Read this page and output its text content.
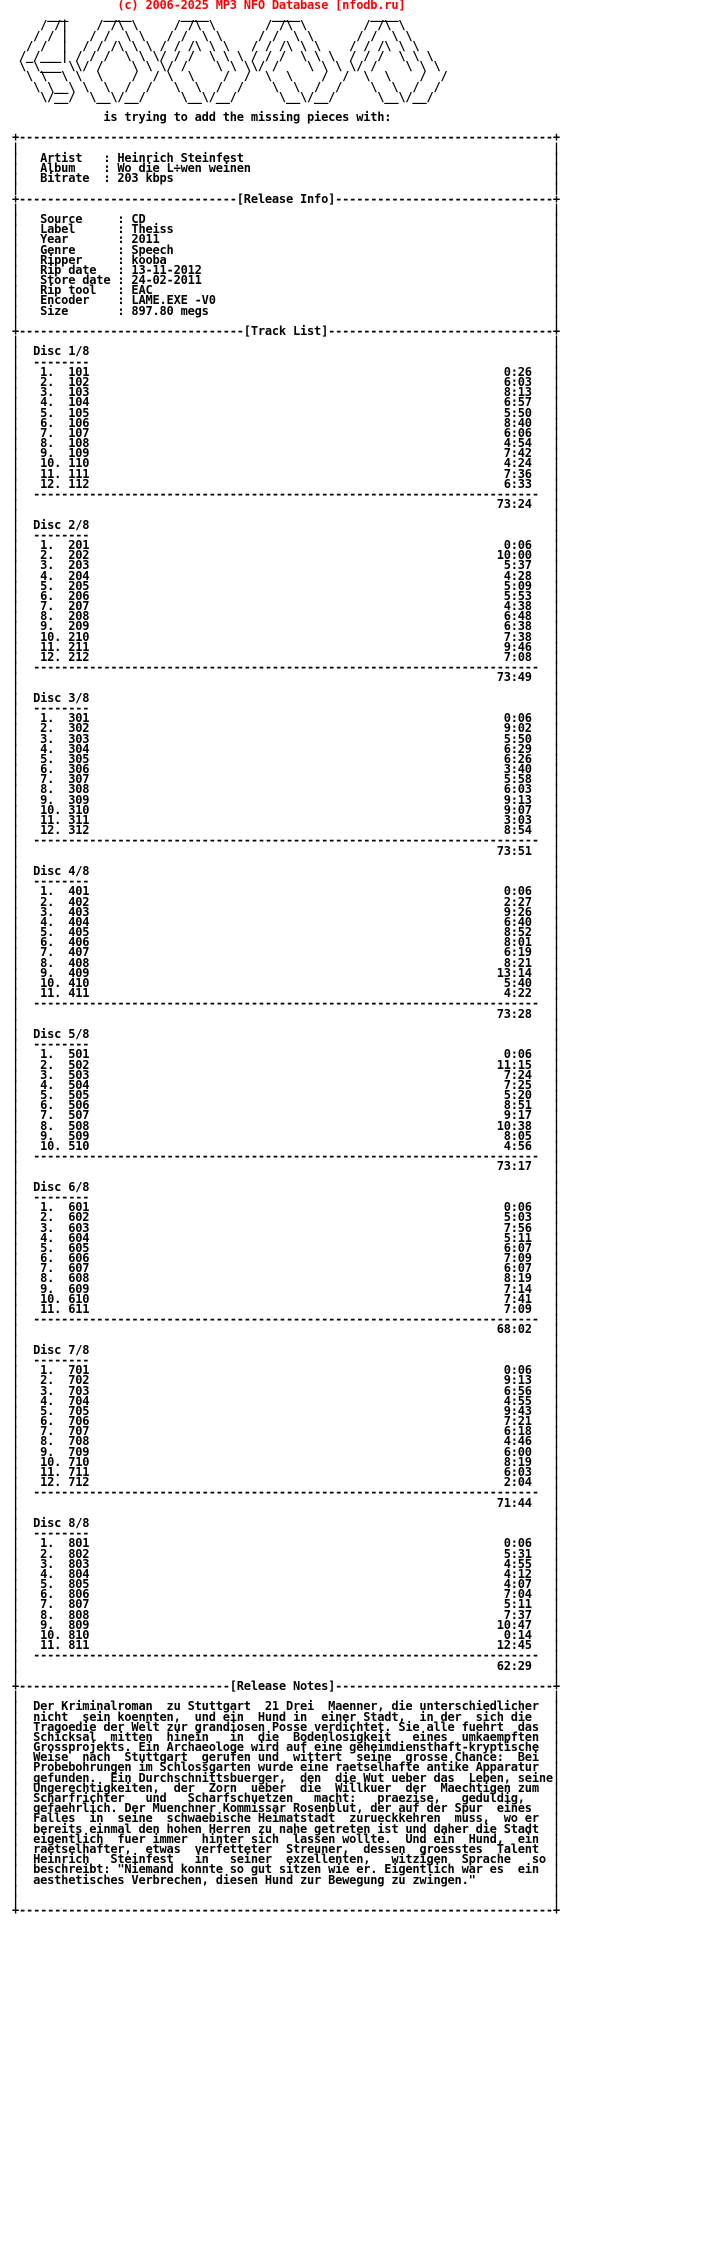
(c) 2006-2025 MP3 NFO Database [nfodb.ru]
___     ____       ____         ____          ____
/ /|    / /\ \     / /\ \       / /\ \        / /\ \
/ / |   / /  \ \   / /  \ \     / /  \ \      / /  \ \
/ /  |  / / /\ \ \ / / /\ \ \   / / /\ \ \    / / /\ \ \
/_/___| / / /  \ \ \/ / /  \ \ \ / / /  \ \ \  / / /  \ \ \
\ \___ \\/ /    \ \ \/ /    \ \ \\/ /    \ \ \ \/ /    \ \ \
\ \  \ \  \    /  / \  \    /  /  \  \    /  /  \  \    /  /
\ \__\ \  \  /  /   \  \  /  /    \  \  /  /    \  \  /  /
\/__/  \__\/__/     \__\/__/      \__\/__/      \__\/__/

is trying to add the missing pieces with:

+----------------------------------------------------------------------------+
|                                                                            |
|   Artist   : Heinrich Steinfest                                            |
|   Album    : Wo die L÷wen weinen                                           |
|   Bitrate  : 203 kbps                                                      |
|                                                                            |
+-------------------------------[Release Info]-------------------------------+
|                                                                            |
|   Source     : CD                                                          |
|   Label      : Theiss                                                      |
|   Year       : 2011                                                        |
|   Genre      : Speech                                                      |
|   Ripper     : kooba                                                       |
|   Rip date   : 13-11-2012                                                  |
|   Store date : 24-02-2011                                                  |
|   Rip tool   : EAC                                                         |
|   Encoder    : LAME.EXE -V0                                                |
|   Size       : 897.80 megs                                                 |
|                                                                            |
+--------------------------------[Track List]--------------------------------+
|                                                                            |
|  Disc 1/8                                                                  |
|  --------                                                                  |
|   1.  101                                                           0:26   |
|   2.  102                                                           6:03   |
|   3.  103                                                           8:13   |
|   4.  104                                                           6:57   |
|   5.  105                                                           5:50   |
|   6.  106                                                           8:40   |
|   7.  107                                                           6:06   |
|   8.  108                                                           4:54   |
|   9.  109                                                           7:42   |
|   10. 110                                                           4:24   |
|   11. 111                                                           7:36   |
|   12. 112                                                           6:33   |
|  ------------------------------------------------------------------------  |
|                                                                    73:24   |
|                                                                            |
|  Disc 2/8                                                                  |
|  --------                                                                  |
|   1.  201                                                           0:06   |
|   2.  202                                                          10:00   |
|   3.  203                                                           5:37   |
|   4.  204                                                           4:28   |
|   5.  205                                                           5:09   |
|   6.  206                                                           5:53   |
|   7.  207                                                           4:38   |
|   8.  208                                                           6:48   |
|   9.  209                                                           6:38   |
|   10. 210                                                           7:38   |
|   11. 211                                                           9:46   |
|   12. 212                                                           7:08   |
|  ------------------------------------------------------------------------  |
|                                                                    73:49   |
|                                                                            |
|  Disc 3/8                                                                  |
|  --------                                                                  |
|   1.  301                                                           0:06   |
|   2.  302                                                           9:02   |
|   3.  303                                                           5:50   |
|   4.  304                                                           6:29   |
|   5.  305                                                           6:26   |
|   6.  306                                                           3:40   |
|   7.  307                                                           5:58   |
|   8.  308                                                           6:03   |
|   9.  309                                                           9:13   |
|   10. 310                                                           9:07   |
|   11. 311                                                           3:03   |
|   12. 312                                                           8:54   |
|  ------------------------------------------------------------------------  |
|                                                                    73:51   |
|                                                                            |
|  Disc 4/8                                                                  |
|  --------                                                                  |
|   1.  401                                                           0:06   |
|   2.  402                                                           2:27   |
|   3.  403                                                           9:26   |
|   4.  404                                                           6:40   |
|   5.  405                                                           8:52   |
|   6.  406                                                           8:01   |
|   7.  407                                                           6:19   |
|   8.  408                                                           8:21   |
|   9.  409                                                          13:14   |
|   10. 410                                                           5:40   |
|   11. 411                                                           4:22   |
|  ------------------------------------------------------------------------  |
|                                                                    73:28   |
|                                                                            |
|  Disc 5/8                                                                  |
|  --------                                                                  |
|   1.  501                                                           0:06   |
|   2.  502                                                          11:15   |
|   3.  503                                                           7:24   |
|   4.  504                                                           7:25   |
|   5.  505                                                           5:20   |
|   6.  506                                                           8:51   |
|   7.  507                                                           9:17   |
|   8.  508                                                          10:38   |
|   9.  509                                                           8:05   |
|   10. 510                                                           4:56   |
|  ------------------------------------------------------------------------  |
|                                                                    73:17   |
|                                                                            |
|  Disc 6/8                                                                  |
|  --------                                                                  |
|   1.  601                                                           0:06   |
|   2.  602                                                           5:03   |
|   3.  603                                                           7:56   |
|   4.  604                                                           5:11   |
|   5.  605                                                           6:07   |
|   6.  606                                                           7:09   |
|   7.  607                                                           6:07   |
|   8.  608                                                           8:19   |
|   9.  609                                                           7:14   |
|   10. 610                                                           7:41   |
|   11. 611                                                           7:09   |
|  ------------------------------------------------------------------------  |
|                                                                    68:02   |
|                                                                            |
|  Disc 7/8                                                                  |
|  --------                                                                  |
|   1.  701                                                           0:06   |
|   2.  702                                                           9:13   |
|   3.  703                                                           6:56   |
|   4.  704                                                           4:55   |
|   5.  705                                                           9:43   |
|   6.  706                                                           7:21   |
|   7.  707                                                           6:18   |
|   8.  708                                                           4:46   |
|   9.  709                                                           6:00   |
|   10. 710                                                           8:19   |
|   11. 711                                                           6:03   |
|   12. 712                                                           2:04   |
|  ------------------------------------------------------------------------  |
|                                                                    71:44   |
|                                                                            |
|  Disc 8/8                                                                  |
|  --------                                                                  |
|   1.  801                                                           0:06   |
|   2.  802                                                           5:31   |
|   3.  803                                                           4:55   |
|   4.  804                                                           4:12   |
|   5.  805                                                           4:07   |
|   6.  806                                                           7:04   |
|   7.  807                                                           5:11   |
|   8.  808                                                           7:37   |
|   9.  809                                                          10:47   |
|   10. 810                                                           0:14   |
|   11. 811                                                          12:45   |
|  ------------------------------------------------------------------------  |
|                                                                    62:29   |
|                                                                            |
+------------------------------[Release Notes]-------------------------------+
|                                                                            |
|  Der Kriminalroman  zu Stuttgart  21 Drei  Maenner, die unterschiedlicher  |
|  nicht  sein koennten,  und ein  Hund in  einer Stadt,  in der  sich die   |
|  Tragoedie der Welt zur grandiosen Posse verdichtet. Sie alle fuehrt  das  |
|  Schicksal  mitten  hinein   in  die  Bodenlosigkeit   eines  umkaempften  |
|  Grossprojekts. Ein Archaeologe wird auf eine geheimdiensthaft-kryptische  |
|  Weise  nach  Stuttgart  gerufen und  wittert  seine  grosse Chance:  Bei  |
|  Probebohrungen im Schlossgarten wurde eine raetselhafte antike Apparatur  |
|  gefunden.  Ein Durchschnittsbuerger,  den  die Wut ueber das  Leben, seine|
|  Ungerechtigkeiten,  der  Zorn  ueber  die  Willkuer  der  Maechtigen zum  |
|  Scharfrichter   und   Scharfschuetzen   macht:   praezise,   geduldig,    |
|  gefaehrlich. Der Muenchner Kommissar Rosenblut, der auf der Spur  eines   |
|  Falles  in  seine  schwaebische Heimatstadt  zurueckkehren  muss,  wo er  |
|  bereits einmal den hohen Herren zu nahe getreten ist und daher die Stadt  |
|  eigentlich  fuer immer  hinter sich  lassen wollte.  Und ein  Hund,  ein  |
|  raetselhafter,  etwas  verfetteter  Streuner,  dessen  groesstes  Talent  |
|  Heinrich   Steinfest   in   seiner  exzellenten,   witzigen  Sprache   so |
|  beschreibt: "Niemand konnte so gut sitzen wie er. Eigentlich war es  ein  |
|  aesthetisches Verbrechen, diesen Hund zur Bewegung zu zwingen."           |
|                                                                            |
|                                                                            |
+----------------------------------------------------------------------------+
